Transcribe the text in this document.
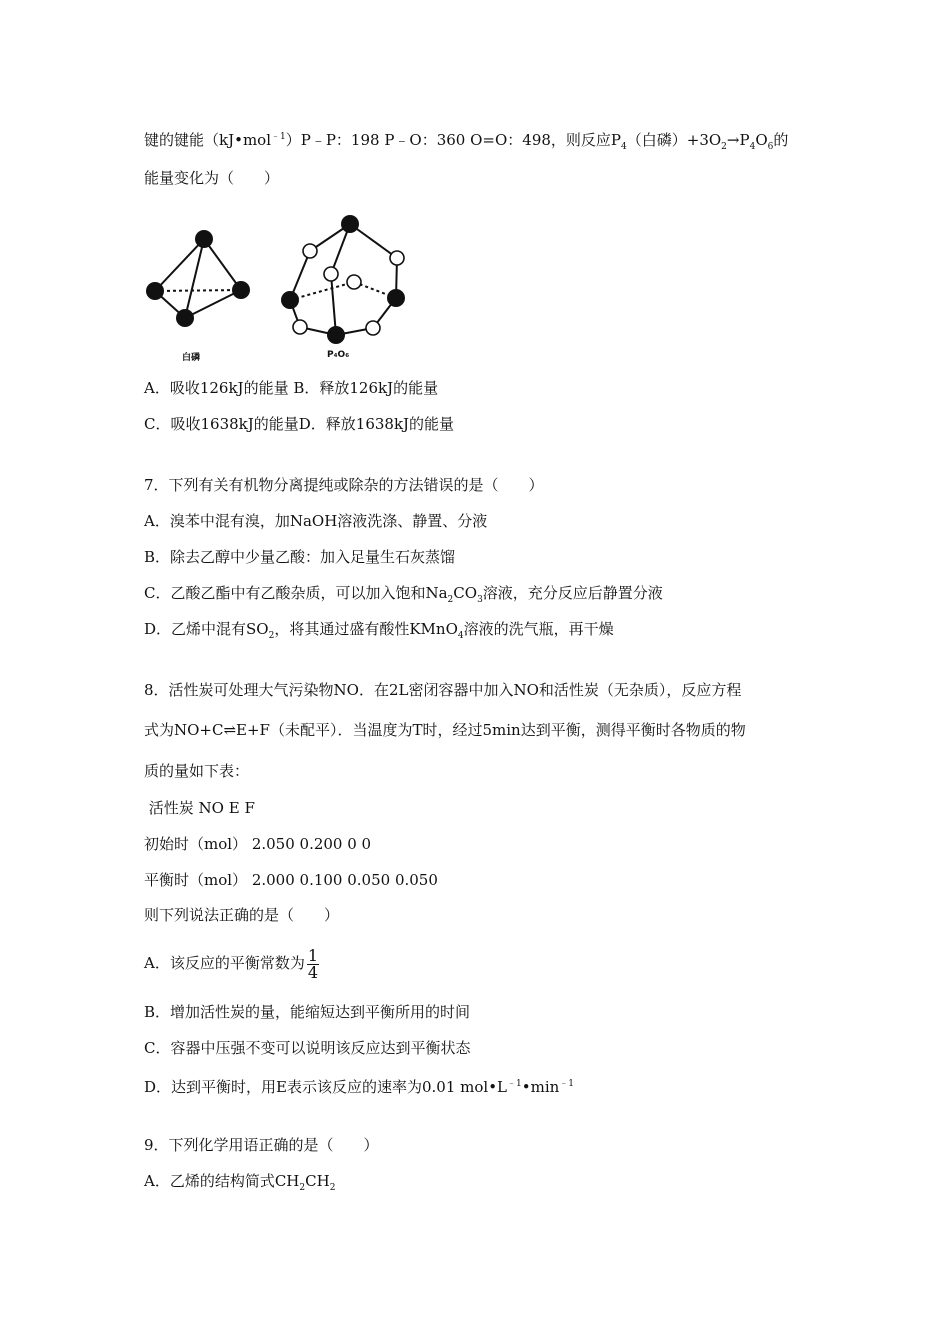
键的键能（kJ•mol$^{﹣1}$）P﹣P：198 P﹣O：360 O=O：498，则反应$P_4$（白磷）$+3O_2\to P_4O_6$的
能量变化为（　　）
白磷	P₄O₆
A．吸收126kJ的能量 B．释放126kJ的能量
C．吸收1638kJ的能量D．释放1638kJ的能量
7．下列有关有机物分离提纯或除杂的方法错误的是（　　）
A．溴苯中混有溴，加NaOH溶液洗涤、静置、分液
B．除去乙醇中少量乙酸：加入足量生石灰蒸馏
C．乙酸乙酯中有乙酸杂质，可以加入饱和$Na_2CO_3$溶液，充分反应后静置分液
D．乙烯中混有$SO_2$，将其通过盛有酸性KMnO$_4$溶液的洗气瓶，再干燥
8．活性炭可处理大气污染物NO．在2L密闭容器中加入NO和活性炭（无杂质），反应方程
式为NO+C⇌E+F（未配平）．当温度为T时，经过5min达到平衡，测得平衡时各物质的物
质的量如下表：
活性炭 NO E F
初始时（mol） 2.050 0.200 0 0
平衡时（mol） 2.000 0.100 0.050 0.050
则下列说法正确的是（　　）
A．该反应的平衡常数为 $\frac{1}{4}$
B．增加活性炭的量，能缩短达到平衡所用的时间
C．容器中压强不变可以说明该反应达到平衡状态
D．达到平衡时，用E表示该反应的速率为0.01 $mol•L^{﹣1}•\min^{﹣1}$
9．下列化学用语正确的是（　　）
A．乙烯的结构简式$CH_2CH_2$
